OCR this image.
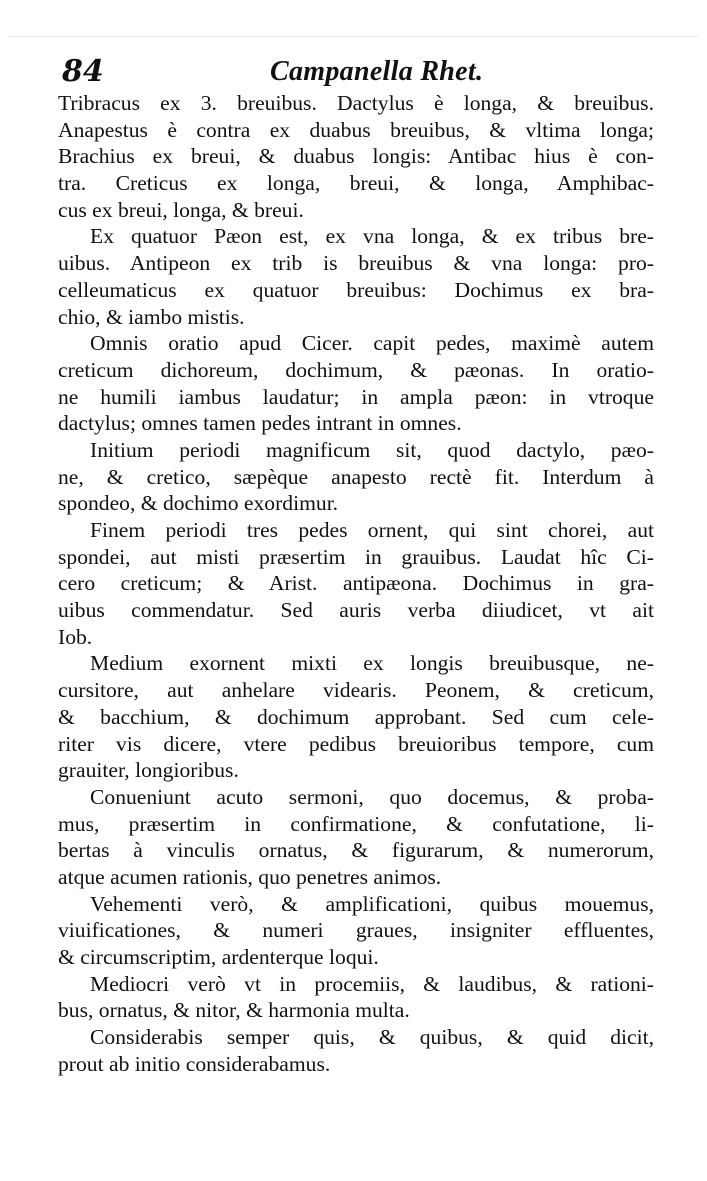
84	Campanella Rhet.
Tribracus ex 3. breuibus. Dactylus è longa, & breuibus.
Anapestus è contra ex duabus breuibus, & vltima longa;
Brachius ex breui, & duabus longis: Antibac hius è con-
tra. Creticus ex longa, breui, & longa, Amphibac-
cus ex breui, longa, & breui.
Ex quatuor Pæon est, ex vna longa, & ex tribus bre-
uibus. Antipeon ex trib is breuibus & vna longa: pro-
celleumaticus ex quatuor breuibus: Dochimus ex bra-
chio, & iambo mistis.
Omnis oratio apud Cicer. capit pedes, maximè autem
creticum dichoreum, dochimum, & pæonas. In oratio-
ne humili iambus laudatur; in ampla pæon: in vtroque
dactylus; omnes tamen pedes intrant in omnes.
Initium periodi magnificum sit, quod dactylo, pæo-
ne, & cretico, sæpèque anapesto rectè fit. Interdum à
spondeo, & dochimo exordimur.
Finem periodi tres pedes ornent, qui sint chorei, aut
spondei, aut misti præsertim in grauibus. Laudat hîc Ci-
cero creticum; & Arist. antipæona. Dochimus in gra-
uibus commendatur. Sed auris verba diiudicet, vt ait
Iob.
Medium exornent mixti ex longis breuibusque, ne-
cursitore, aut anhelare videaris. Peonem, & creticum,
& bacchium, & dochimum approbant. Sed cum cele-
riter vis dicere, vtere pedibus breuioribus tempore, cum
grauiter, longioribus.
Conueniunt acuto sermoni, quo docemus, & proba-
mus, præsertim in confirmatione, & confutatione, li-
bertas à vinculis ornatus, & figurarum, & numerorum,
atque acumen rationis, quo penetres animos.
Vehementi verò, & amplificationi, quibus mouemus,
viuificationes, & numeri graues, insigniter effluentes,
& circumscriptim, ardenterque loqui.
Mediocri verò vt in procemiis, & laudibus, & rationi-
bus, ornatus, & nitor, & harmonia multa.
Considerabis semper quis, & quibus, & quid dicit,
prout ab initio considerabamus.
